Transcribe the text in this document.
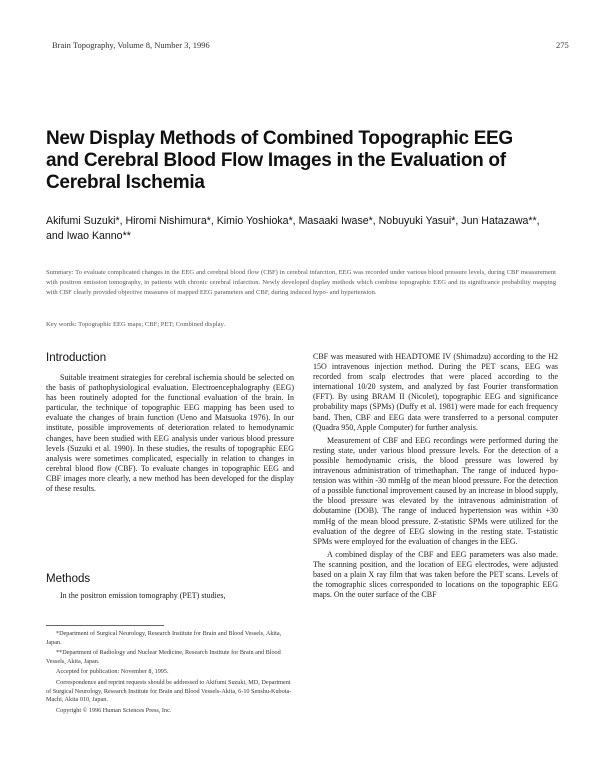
Brain Topography, Volume 8, Number 3, 1996	275
New Display Methods of Combined Topographic EEG and Cerebral Blood Flow Images in the Evaluation of Cerebral Ischemia
Akifumi Suzuki*, Hiromi Nishimura*, Kimio Yoshioka*, Masaaki Iwase*, Nobuyuki Yasui*, Jun Hatazawa**, and Iwao Kanno**
Summary: To evaluate complicated changes in the EEG and cerebral blood flow (CBF) in cerebral infarction, EEG was recorded under various blood pressure levels, during CBF measurement with positron emission tomography, in patients with chronic cerebral infarction. Newly developed display methods which combine topographic EEG and its significance probability mapping with CBF clearly provided objective measures of mapped EEG parameters and CBF, during induced hypo- and hypertension.
Key words: Topographic EEG maps; CBF; PET; Combined display.
Introduction

Suitable treatment strategies for cerebral ischemia should be selected on the basis of pathophysiological evaluation. Electroencephalography (EEG) has been routinely adopted for the functional evaluation of the brain. In particular, the technique of topographic EEG mapping has been used to evaluate the changes of brain function (Ueno and Matsuoka 1976). In our institute, possible improvements of deterioration related to hemodynamic changes, have been studied with EEG analysis under various blood pressure levels (Suzuki et al. 1990). In these studies, the results of topographic EEG analysis were sometimes complicated, especially in relation to changes in cerebral blood flow (CBF). To evaluate changes in topographic EEG and CBF images more clearly, a new method has been developed for the display of these results.

Methods

In the positron emission tomography (PET) studies,

*Department of Surgical Neurology, Research Institute for Brain and Blood Vessels, Akita, Japan.

**Department of Radiology and Nuclear Medicine, Research Institute for Brain and Blood Vessels, Akita, Japan.

Accepted for publication: November 8, 1995.

Correspondence and reprint requests should be addressed to Akifumi Suzuki, MD, Department of Surgical Neurology, Research Institute for Brain and Blood Vessels-Akita, 6-10 Senshu-Kubota-Machi, Akita 010, Japan.

Copyright © 1996 Human Sciences Press, Inc.

CBF was measured with HEADTOME IV (Shimadzu) according to the H2 15O intravenous injection method. During the PET scans, EEG was recorded from scalp electrodes that were placed according to the international 10/20 system, and analyzed by fast Fourier transformation (FFT). By using BRAM II (Nicolet), topographic EEG and significance probability maps (SPMs) (Duffy et al. 1981) were made for each frequency band. Then, CBF and EEG data were transferred to a personal computer (Quadra 950, Apple Computer) for further analysis.

Measurement of CBF and EEG recordings were performed during the resting state, under various blood pressure levels. For the detection of a possible hemodynamic crisis, the blood pressure was lowered by intravenous administration of trimethaphan. The range of induced hypo-tension was within -30 mmHg of the mean blood pressure. For the detection of a possible functional improvement caused by an increase in blood supply, the blood pressure was elevated by the intravenous administration of dobutamine (DOB). The range of induced hypertension was within +30 mmHg of the mean blood pressure. Z-statistic SPMs were utilized for the evaluation of the degree of EEG slowing in the resting state. T-statistic SPMs were employed for the evaluation of changes in the EEG.

A combined display of the CBF and EEG parameters was also made. The scanning position, and the location of EEG electrodes, were adjusted based on a plain X ray film that was taken before the PET scans. Levels of the tomographic slices corresponded to locations on the topographic EEG maps. On the outer surface of the CBF
